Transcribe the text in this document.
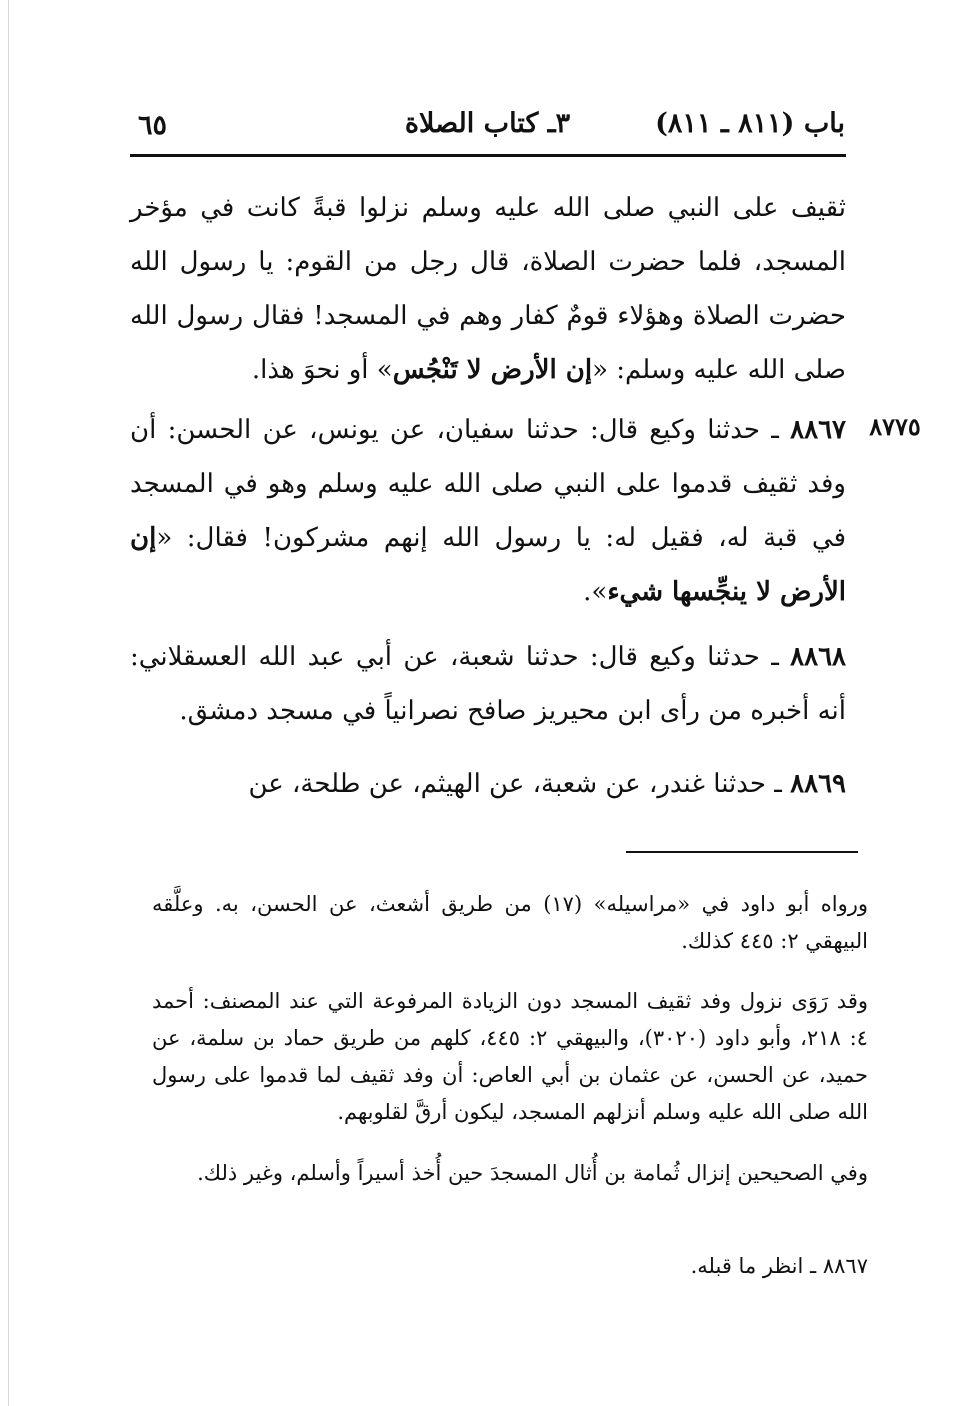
باب (٨١١ ـ ٨١١)
٣ـ كتاب الصلاة
٦٥

ثقيف على النبي صلى الله عليه وسلم نزلوا قبةً كانت في مؤخر المسجد، فلما حضرت الصلاة، قال رجل من القوم: يا رسول الله حضرت الصلاة وهؤلاء قومٌ كفار وهم في المسجد! فقال رسول الله صلى الله عليه وسلم: «إن الأرض لا تَنْجُس» أو نحوَ هذا.

٨٧٧٥

٨٨٦٧ ـ حدثنا وكيع قال: حدثنا سفيان، عن يونس، عن الحسن: أن وفد ثقيف قدموا على النبي صلى الله عليه وسلم وهو في المسجد في قبة له، فقيل له: يا رسول الله إنهم مشركون! فقال: «إن الأرض لا ينجِّسها شيء».

٨٨٦٨ ـ حدثنا وكيع قال: حدثنا شعبة، عن أبي عبد الله العسقلاني: أنه أخبره من رأى ابن محيريز صافح نصرانياً في مسجد دمشق.

٨٨٦٩ ـ حدثنا غندر، عن شعبة، عن الهيثم، عن طلحة، عن

ورواه أبو داود في «مراسيله» (١٧) من طريق أشعث، عن الحسن، به. وعلَّقه البيهقي ٢: ٤٤٥ كذلك.

وقد رَوَى نزول وفد ثقيف المسجد دون الزيادة المرفوعة التي عند المصنف: أحمد ٤: ٢١٨، وأبو داود (٣٠٢٠)، والبيهقي ٢: ٤٤٥، كلهم من طريق حماد بن سلمة، عن حميد، عن الحسن، عن عثمان بن أبي العاص: أن وفد ثقيف لما قدموا على رسول الله صلى الله عليه وسلم أنزلهم المسجد، ليكون أرقَّ لقلوبهم.

وفي الصحيحين إنزال ثُمامة بن أُثال المسجدَ حين أُخذ أسيراً وأسلم، وغير ذلك.

٨٨٦٧ ـ انظر ما قبله.
